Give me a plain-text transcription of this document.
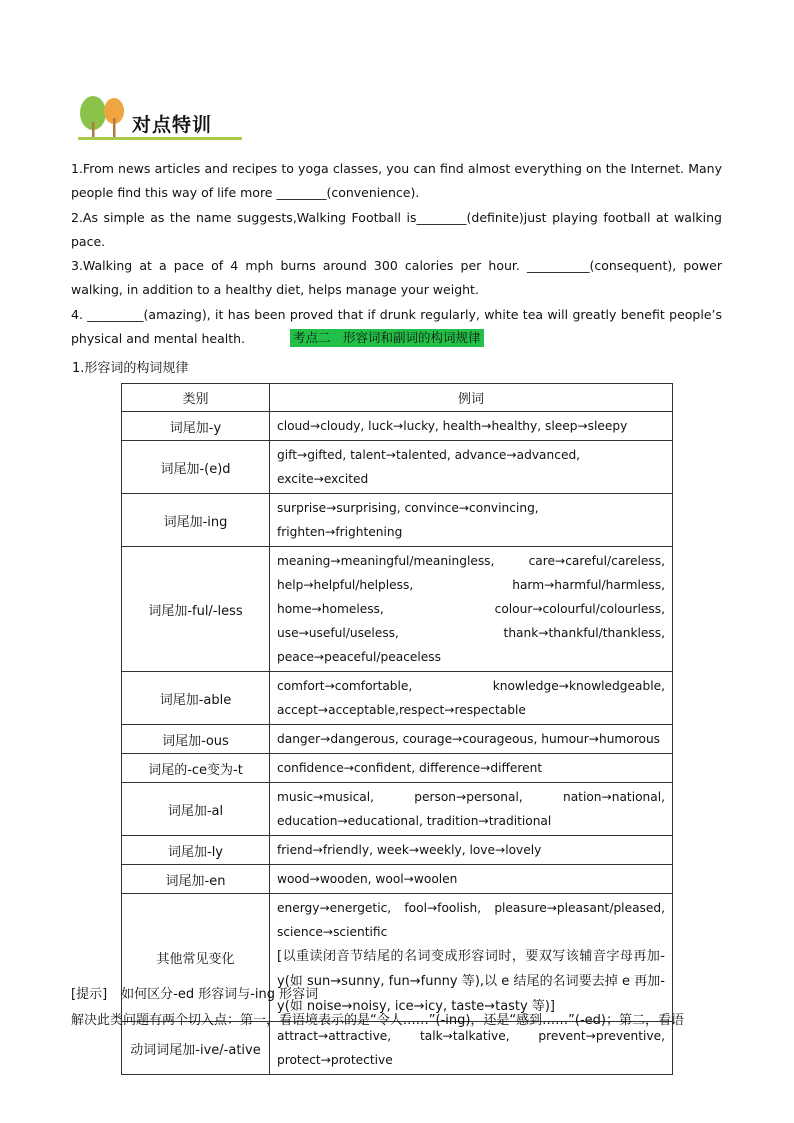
对点特训

1.From news articles and recipes to yoga classes, you can find almost everything on the Internet. Many people find this way of life more ________(convenience).

2.As simple as the name suggests,Walking Football is________(definite)just playing football at walking pace.

3.Walking at a pace of 4 mph burns around 300 calories per hour. __________(consequent), power walking, in addition to a healthy diet, helps manage your weight.

4. _________(amazing), it has been proved that if drunk regularly, white tea will greatly benefit people’s physical and mental health.	考点二　形容词和副词的构词规律
1.形容词的构词规律
类别	例词
词尾加-y	cloud→cloudy, luck→lucky, health→healthy, sleep→sleepy
词尾加-(e)d	gift→gifted, talent→talented, advance→advanced, excite→excited
词尾加-ing	surprise→surprising, convince→convincing, frighten→frightening
词尾加-ful/-less	meaning→meaningful/meaningless, care→careful/careless, help→helpful/helpless, harm→harmful/harmless, home→homeless, colour→colourful/colourless, use→useful/useless, thank→thankful/thankless, peace→peaceful/peaceless
词尾加-able	comfort→comfortable, knowledge→knowledgeable, accept→acceptable,respect→respectable
词尾加-ous	danger→dangerous, courage→courageous, humour→humorous
词尾的-ce变为-t	confidence→confident, difference→different
词尾加-al	music→musical, person→personal, nation→national, education→educational, tradition→traditional
词尾加-ly	friend→friendly, week→weekly, love→lovely
词尾加-en	wood→wooden, wool→woolen
其他常见变化	energy→energetic, fool→foolish, pleasure→pleasant/pleased, science→scientific
[以重读闭音节结尾的名词变成形容词时，要双写该辅音字母再加-y(如 sun→sunny, fun→funny 等),以 e 结尾的名词要去掉 e 再加-y(如 noise→noisy, ice→icy, taste→tasty 等)]

动词词尾加-ive/-ative	attract→attractive, talk→talkative, prevent→preventive, protect→protective
[提示] 如何区分-ed 形容词与-ing 形容词
解决此类问题有两个切入点：第一，看语境表示的是“令人……”(-ing)，还是“感到……”(-ed)；第二，看语
